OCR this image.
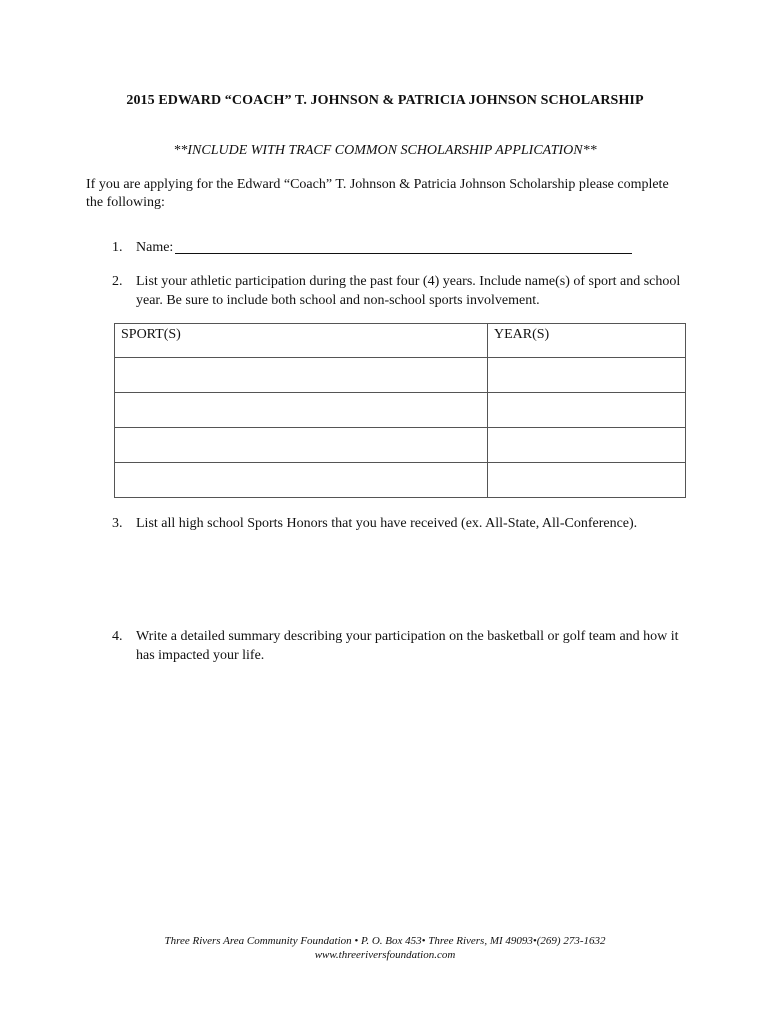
2015 EDWARD “COACH” T. JOHNSON & PATRICIA JOHNSON SCHOLARSHIP
**INCLUDE WITH TRACF COMMON SCHOLARSHIP APPLICATION**
If you are applying for the Edward “Coach” T. Johnson & Patricia Johnson Scholarship please complete the following:
1. Name:
2. List your athletic participation during the past four (4) years. Include name(s) of sport and school year. Be sure to include both school and non-school sports involvement.
SPORT(S)	YEAR(S)

3. List all high school Sports Honors that you have received (ex. All-State, All-Conference).
4. Write a detailed summary describing your participation on the basketball or golf team and how it has impacted your life.
Three Rivers Area Community Foundation • P. O. Box 453• Three Rivers, MI 49093•(269) 273-1632
www.threeriversfoundation.com
